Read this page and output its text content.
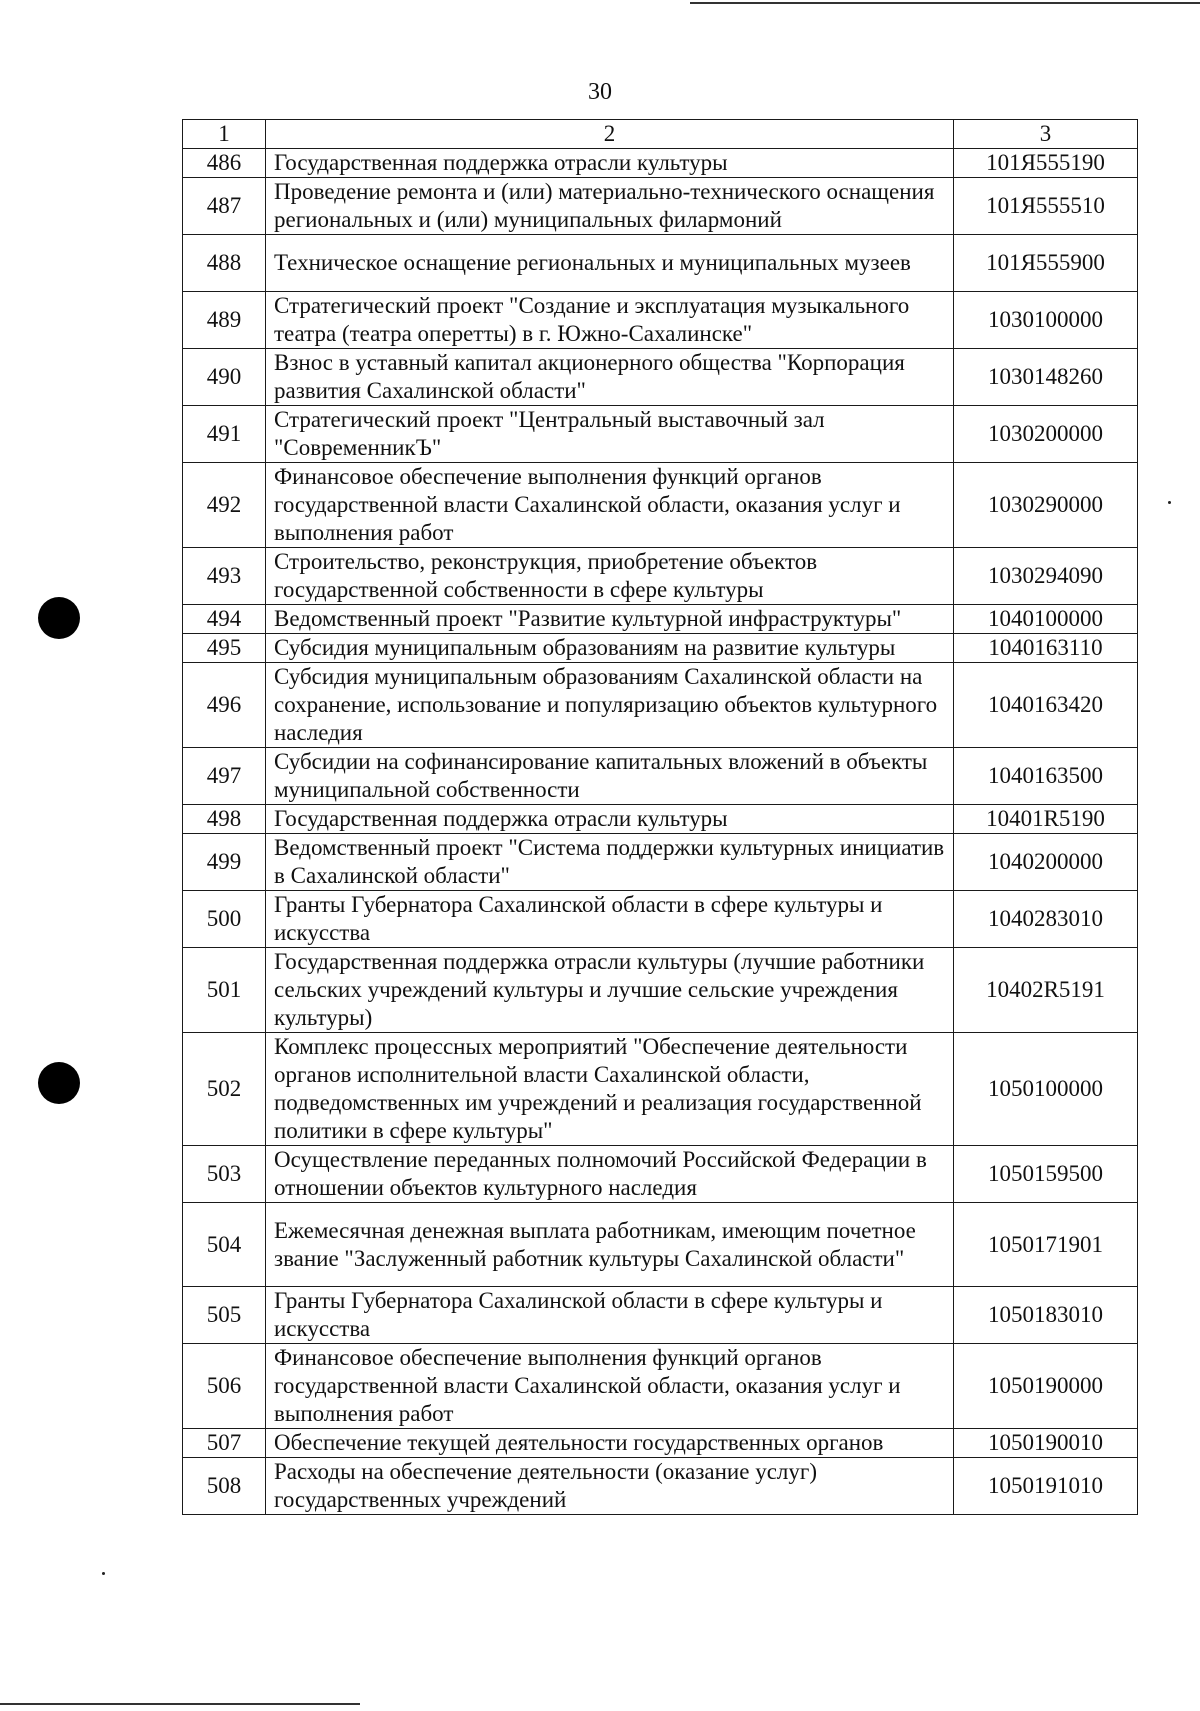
30
1	2	3
486	Государственная поддержка отрасли культуры	101Я555190
487	Проведение ремонта и (или) материально-технического оснащения региональных и (или) муниципальных филармоний	101Я555510
488	Техническое оснащение региональных и муниципальных музеев	101Я555900
489	Стратегический проект "Создание и эксплуатация музыкального театра (театра оперетты) в г. Южно-Сахалинске"	1030100000
490	Взнос в уставный капитал акционерного общества "Корпорация развития Сахалинской области"	1030148260
491	Стратегический проект "Центральный выставочный зал "СовременникЪ"	1030200000
492	Финансовое обеспечение выполнения функций органов государственной власти Сахалинской области, оказания услуг и выполнения работ	1030290000
493	Строительство, реконструкция, приобретение объектов государственной собственности в сфере культуры	1030294090
494	Ведомственный проект "Развитие культурной инфраструктуры"	1040100000
495	Субсидия муниципальным образованиям на развитие культуры	1040163110
496	Субсидия муниципальным образованиям Сахалинской области на сохранение, использование и популяризацию объектов культурного наследия	1040163420
497	Субсидии на софинансирование капитальных вложений в объекты муниципальной собственности	1040163500
498	Государственная поддержка отрасли культуры	10401R5190
499	Ведомственный проект "Система поддержки культурных инициатив в Сахалинской области"	1040200000
500	Гранты Губернатора Сахалинской области в сфере культуры и искусства	1040283010
501	Государственная поддержка отрасли культуры (лучшие работники сельских учреждений культуры и лучшие сельские учреждения культуры)	10402R5191
502	Комплекс процессных мероприятий "Обеспечение деятельности органов исполнительной власти Сахалинской области, подведомственных им учреждений и реализация государственной политики в сфере культуры"	1050100000
503	Осуществление переданных полномочий Российской Федерации в отношении объектов культурного наследия	1050159500
504	Ежемесячная денежная выплата работникам, имеющим почетное звание "Заслуженный работник культуры Сахалинской области"	1050171901
505	Гранты Губернатора Сахалинской области в сфере культуры и искусства	1050183010
506	Финансовое обеспечение выполнения функций органов государственной власти Сахалинской области, оказания услуг и выполнения работ	1050190000
507	Обеспечение текущей деятельности государственных органов	1050190010
508	Расходы на обеспечение деятельности (оказание услуг) государственных учреждений	1050191010
